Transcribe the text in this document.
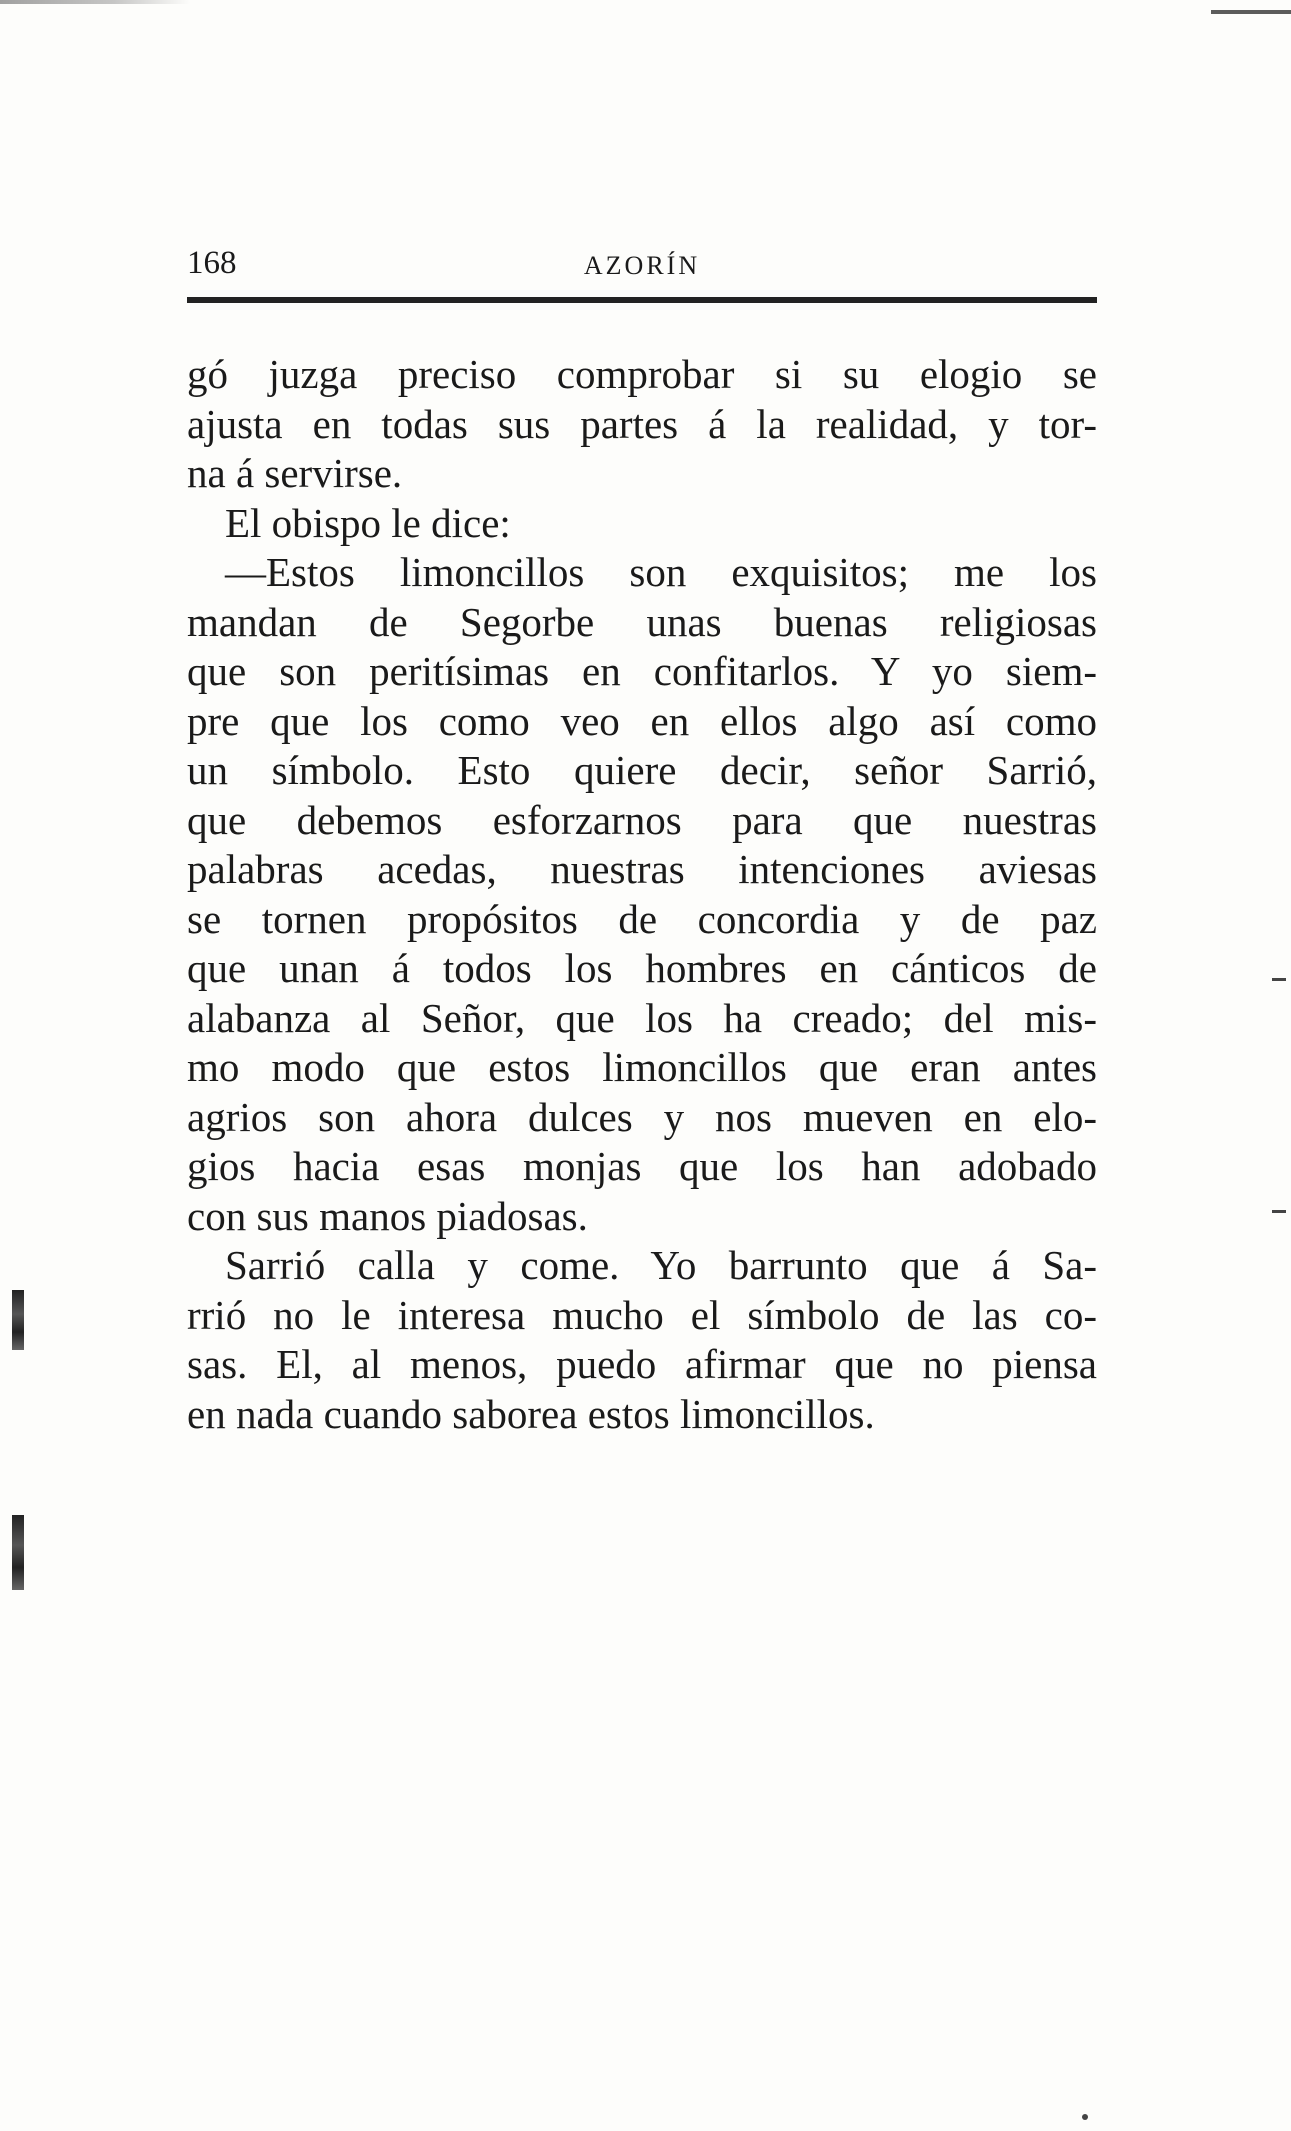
168	AZORÍN
gó juzga preciso comprobar si su elogio se
ajusta en todas sus partes á la realidad, y tor-
na á servirse.
El obispo le dice:
—Estos limoncillos son exquisitos; me los
mandan de Segorbe unas buenas religiosas
que son peritísimas en confitarlos. Y yo siem-
pre que los como veo en ellos algo así como
un símbolo. Esto quiere decir, señor Sarrió,
que debemos esforzarnos para que nuestras
palabras acedas, nuestras intenciones aviesas
se tornen propósitos de concordia y de paz
que unan á todos los hombres en cánticos de
alabanza al Señor, que los ha creado; del mis-
mo modo que estos limoncillos que eran antes
agrios son ahora dulces y nos mueven en elo-
gios hacia esas monjas que los han adobado
con sus manos piadosas.
Sarrió calla y come. Yo barrunto que á Sa-
rrió no le interesa mucho el símbolo de las co-
sas. El, al menos, puedo afirmar que no piensa
en nada cuando saborea estos limoncillos.
